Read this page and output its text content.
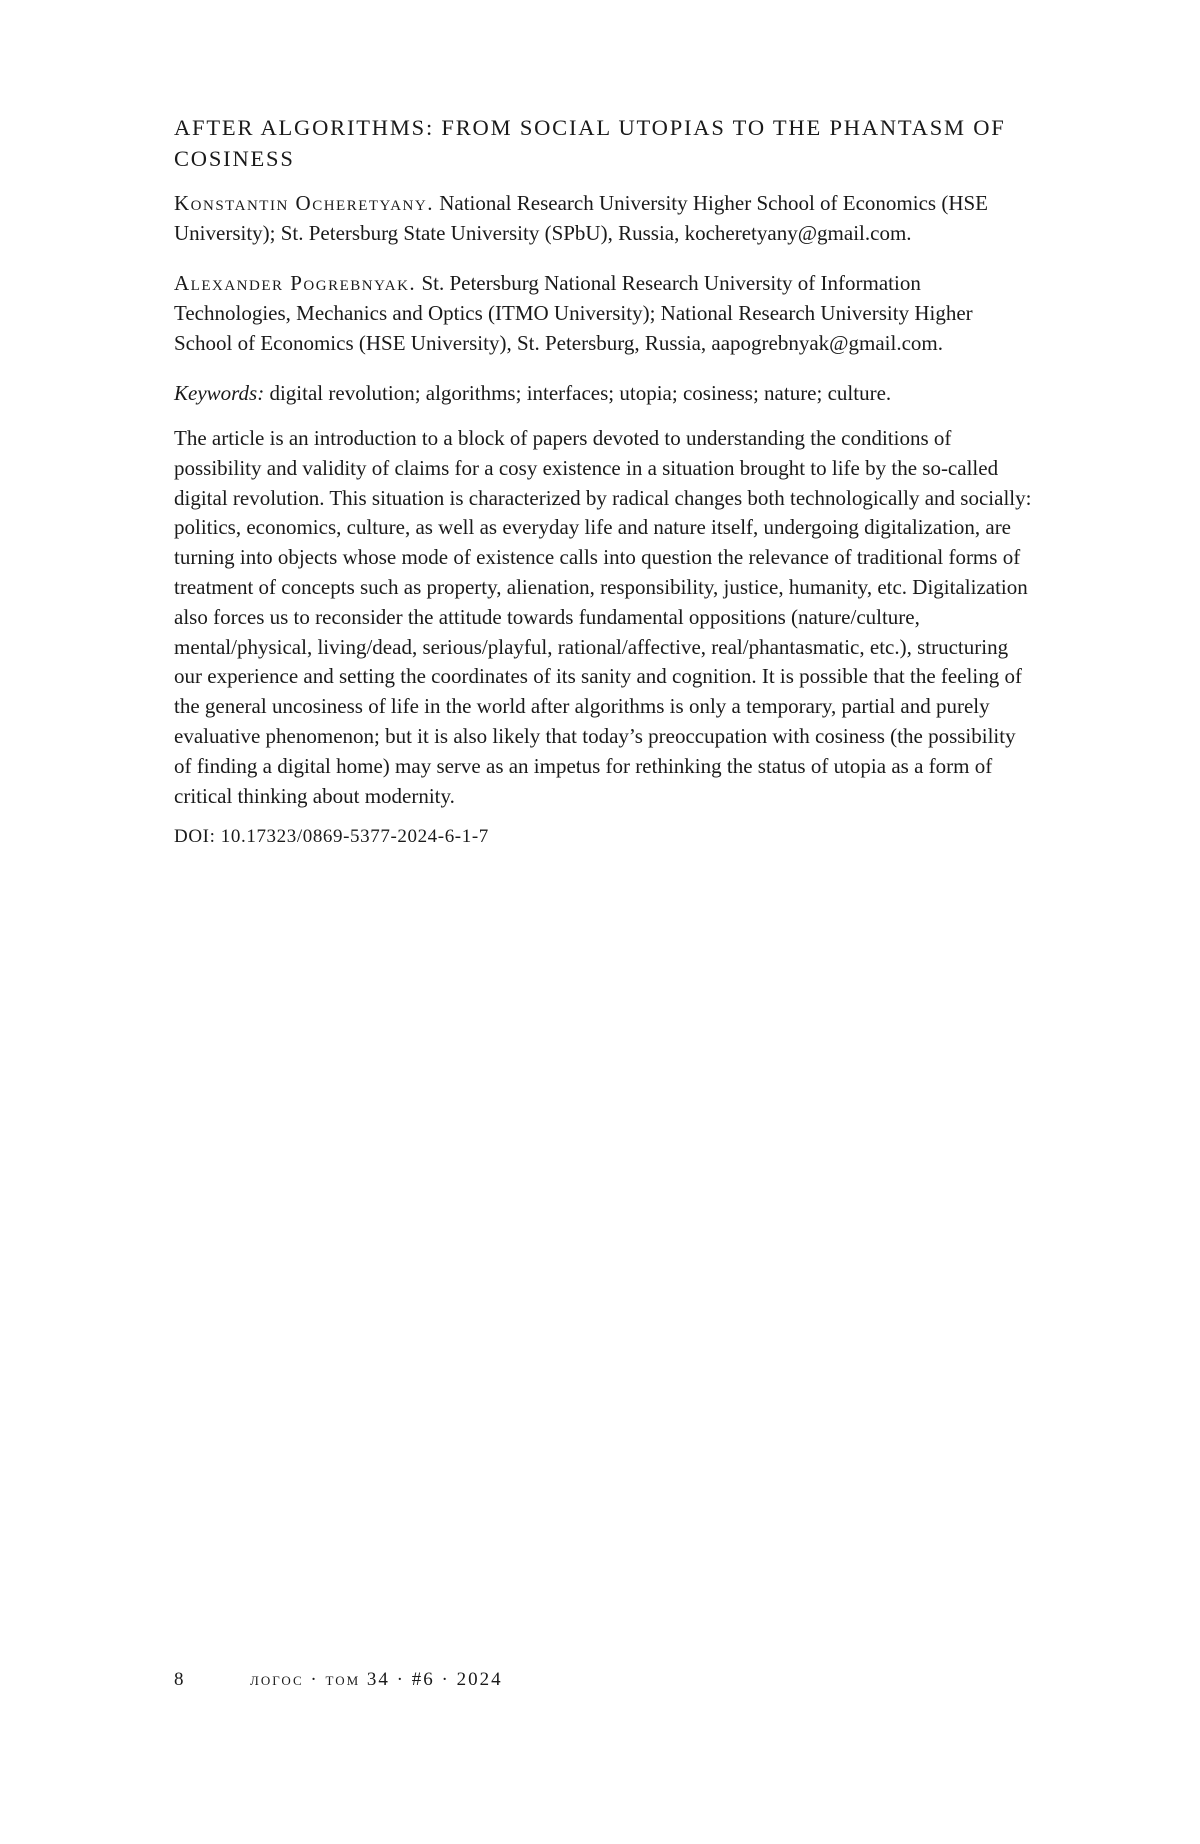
AFTER ALGORITHMS: FROM SOCIAL UTOPIAS TO THE PHANTASM OF COSINESS

Konstantin Ocheretyany. National Research University Higher School of Economics (HSE University); St. Petersburg State University (SPbU), Russia, kocheretyany@gmail.com.

Alexander Pogrebnyak. St. Petersburg National Research University of Information Technologies, Mechanics and Optics (ITMO University); National Research University Higher School of Economics (HSE University), St. Petersburg, Russia, aapogrebnyak@gmail.com.

Keywords: digital revolution; algorithms; interfaces; utopia; cosiness; nature; culture.

The article is an introduction to a block of papers devoted to understanding the conditions of possibility and validity of claims for a cosy existence in a situation brought to life by the so-called digital revolution. This situation is characterized by radical changes both technologically and socially: politics, economics, culture, as well as everyday life and nature itself, undergoing digitalization, are turning into objects whose mode of existence calls into question the relevance of traditional forms of treatment of concepts such as property, alienation, responsibility, justice, humanity, etc. Digitalization also forces us to reconsider the attitude towards fundamental oppositions (nature/culture, mental/physical, living/dead, serious/playful, rational/affective, real/phantasmatic, etc.), structuring our experience and setting the coordinates of its sanity and cognition. It is possible that the feeling of the general uncosiness of life in the world after algorithms is only a temporary, partial and purely evaluative phenomenon; but it is also likely that today’s preoccupation with cosiness (the possibility of finding a digital home) may serve as an impetus for rethinking the status of utopia as a form of critical thinking about modernity.

DOI: 10.17323/0869-5377-2024-6-1-7

8	логос · том 34 · #6 · 2024
